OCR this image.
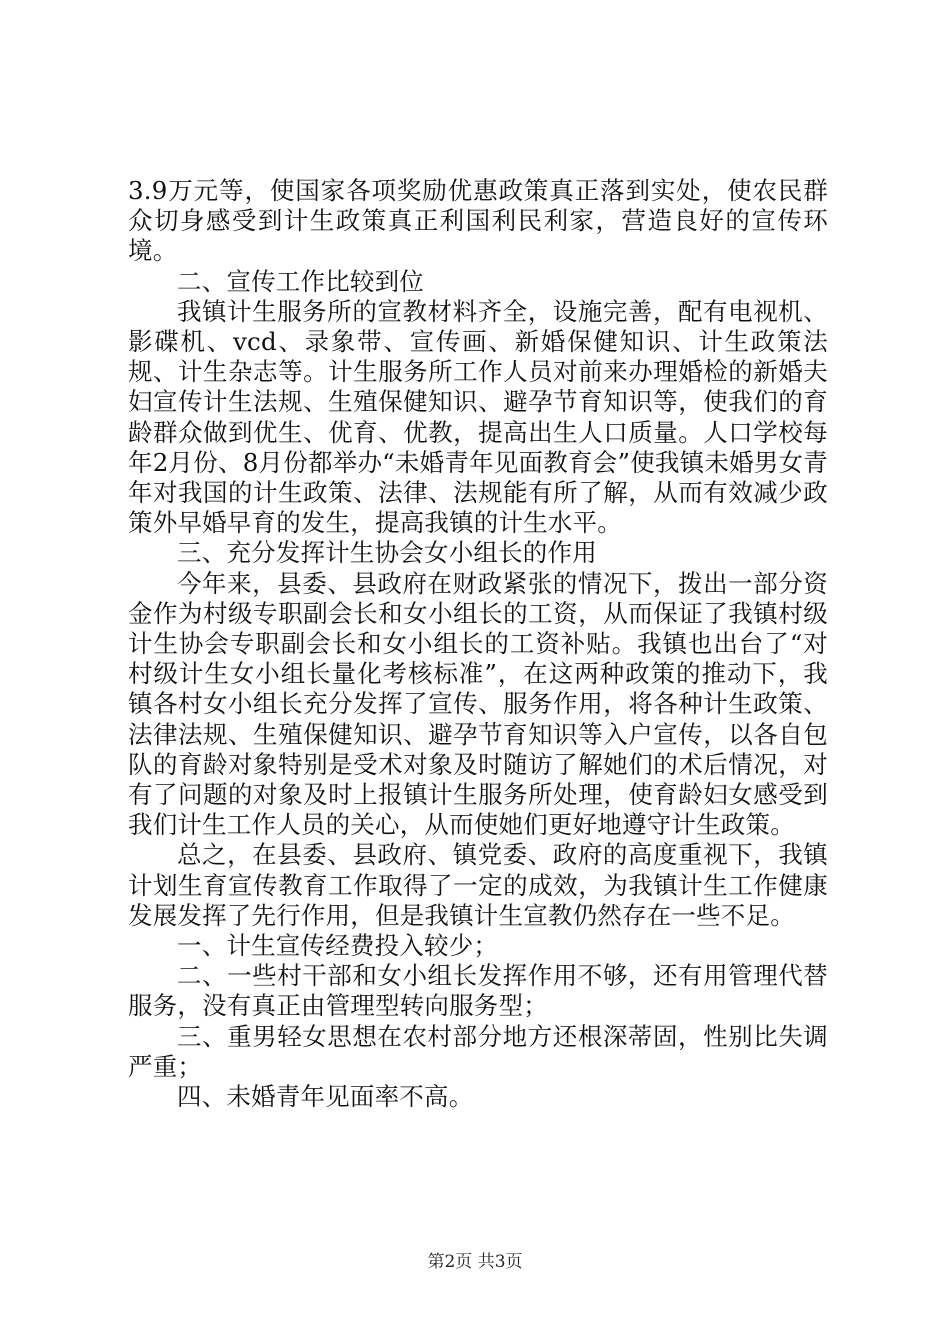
3.9万元等，使国家各项奖励优惠政策真正落到实处，使农民群众切身感受到计生政策真正利国利民利家，营造良好的宣传环境。

二、宣传工作比较到位

我镇计生服务所的宣教材料齐全，设施完善，配有电视机、影碟机、vcd、录象带、宣传画、新婚保健知识、计生政策法规、计生杂志等。计生服务所工作人员对前来办理婚检的新婚夫妇宣传计生法规、生殖保健知识、避孕节育知识等，使我们的育龄群众做到优生、优育、优教，提高出生人口质量。人口学校每年2月份、8月份都举办“未婚青年见面教育会”使我镇未婚男女青年对我国的计生政策、法律、法规能有所了解，从而有效减少政策外早婚早育的发生，提高我镇的计生水平。

三、充分发挥计生协会女小组长的作用

今年来，县委、县政府在财政紧张的情况下，拨出一部分资金作为村级专职副会长和女小组长的工资，从而保证了我镇村级计生协会专职副会长和女小组长的工资补贴。我镇也出台了“对村级计生女小组长量化考核标准”，在这两种政策的推动下，我镇各村女小组长充分发挥了宣传、服务作用，将各种计生政策、法律法规、生殖保健知识、避孕节育知识等入户宣传，以各自包队的育龄对象特别是受术对象及时随访了解她们的术后情况，对有了问题的对象及时上报镇计生服务所处理，使育龄妇女感受到我们计生工作人员的关心，从而使她们更好地遵守计生政策。

总之，在县委、县政府、镇党委、政府的高度重视下，我镇计划生育宣传教育工作取得了一定的成效，为我镇计生工作健康发展发挥了先行作用，但是我镇计生宣教仍然存在一些不足。

一、计生宣传经费投入较少；

二、一些村干部和女小组长发挥作用不够，还有用管理代替服务，没有真正由管理型转向服务型；

三、重男轻女思想在农村部分地方还根深蒂固，性别比失调严重；

四、未婚青年见面率不高。

第2页 共3页
